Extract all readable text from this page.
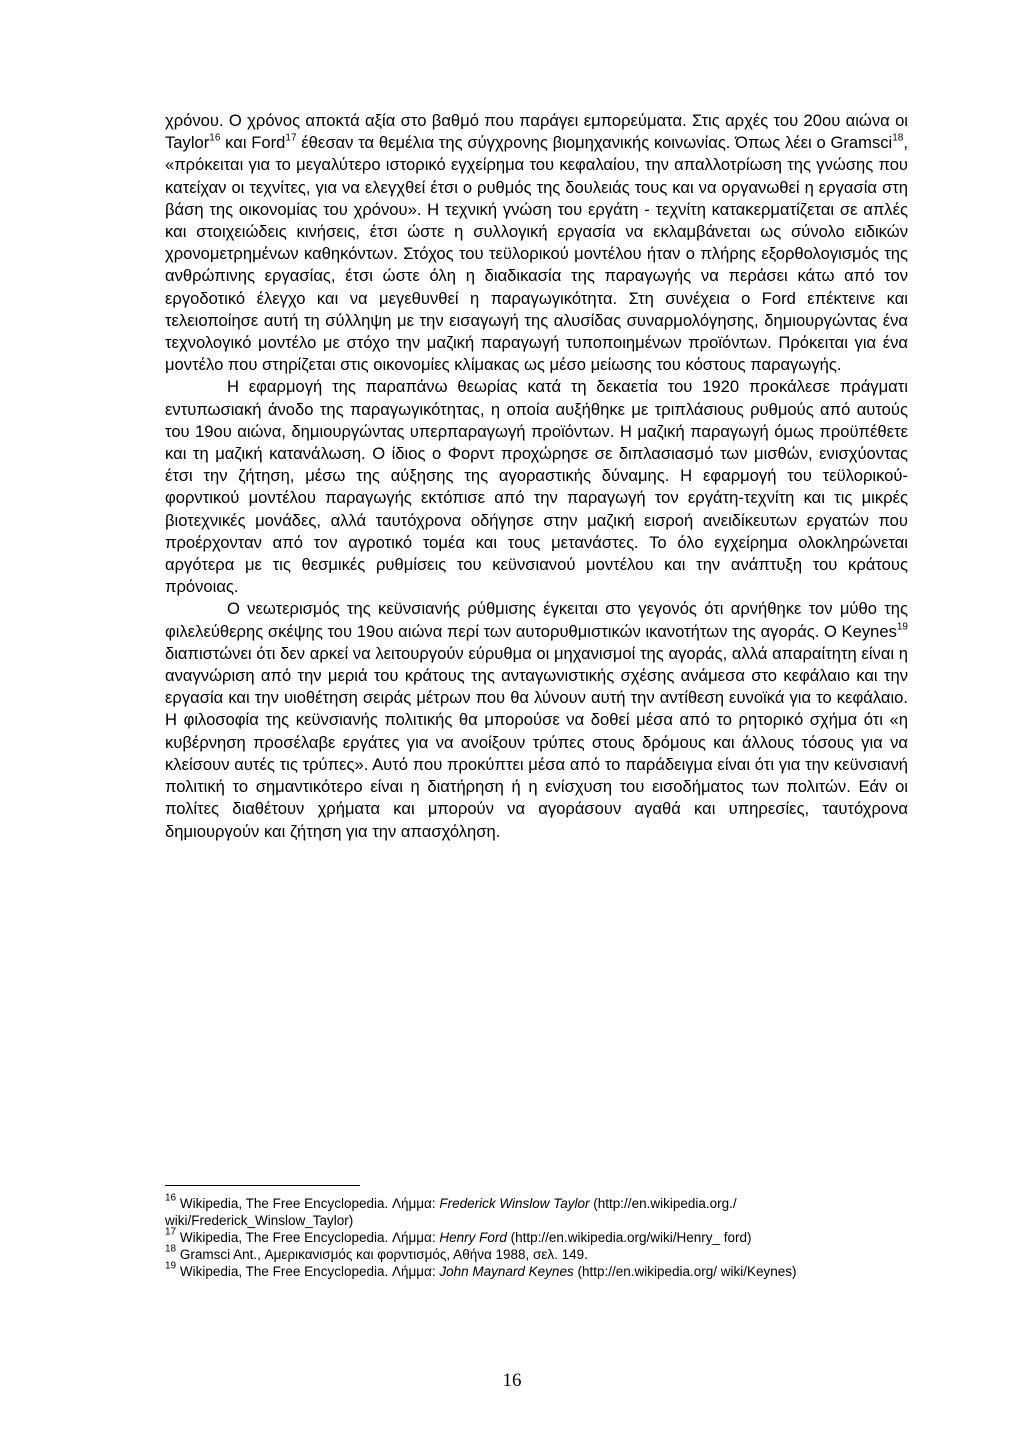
χρόνου. Ο χρόνος αποκτά αξία στο βαθμό που παράγει εμπορεύματα. Στις αρχές του 20ου αιώνα οι Taylor$^{16}$ και Ford$^{17}$ έθεσαν τα θεμέλια της σύγχρονης βιομηχανικής κοινωνίας. Όπως λέει ο Gramsci$^{18}$, «πρόκειται για το μεγαλύτερο ιστορικό εγχείρημα του κεφαλαίου, την απαλλοτρίωση της γνώσης που κατείχαν οι τεχνίτες, για να ελεγχθεί έτσι ο ρυθμός της δουλειάς τους και να οργανωθεί η εργασία στη βάση της οικονομίας του χρόνου». Η τεχνική γνώση του εργάτη - τεχνίτη κατακερματίζεται σε απλές και στοιχειώδεις κινήσεις, έτσι ώστε η συλλογική εργασία να εκλαμβάνεται ως σύνολο ειδικών χρονομετρημένων καθηκόντων. Στόχος του τεϋλορικού μοντέλου ήταν ο πλήρης εξορθολογισμός της ανθρώπινης εργασίας, έτσι ώστε όλη η διαδικασία της παραγωγής να περάσει κάτω από τον εργοδοτικό έλεγχο και να μεγεθυνθεί η παραγωγικότητα. Στη συνέχεια ο Ford επέκτεινε και τελειοποίησε αυτή τη σύλληψη με την εισαγωγή της αλυσίδας συναρμολόγησης, δημιουργώντας ένα τεχνολογικό μοντέλο με στόχο την μαζική παραγωγή τυποποιημένων προϊόντων. Πρόκειται για ένα μοντέλο που στηρίζεται στις οικονομίες κλίμακας ως μέσο μείωσης του κόστους παραγωγής.

Η εφαρμογή της παραπάνω θεωρίας κατά τη δεκαετία του 1920 προκάλεσε πράγματι εντυπωσιακή άνοδο της παραγωγικότητας, η οποία αυξήθηκε με τριπλάσιους ρυθμούς από αυτούς του 19ου αιώνα, δημιουργώντας υπερπαραγωγή προϊόντων. Η μαζική παραγωγή όμως προϋπέθετε και τη μαζική κατανάλωση. Ο ίδιος ο Φορντ προχώρησε σε διπλασιασμό των μισθών, ενισχύοντας έτσι την ζήτηση, μέσω της αύξησης της αγοραστικής δύναμης. Η εφαρμογή του τεϋλορικού-φορντικού μοντέλου παραγωγής εκτόπισε από την παραγωγή τον εργάτη-τεχνίτη και τις μικρές βιοτεχνικές μονάδες, αλλά ταυτόχρονα οδήγησε στην μαζική εισροή ανειδίκευτων εργατών που προέρχονταν από τον αγροτικό τομέα και τους μετανάστες. Το όλο εγχείρημα ολοκληρώνεται αργότερα με τις θεσμικές ρυθμίσεις του κεϋνσιανού μοντέλου και την ανάπτυξη του κράτους πρόνοιας.

Ο νεωτερισμός της κεϋνσιανής ρύθμισης έγκειται στο γεγονός ότι αρνήθηκε τον μύθο της φιλελεύθερης σκέψης του 19ου αιώνα περί των αυτορυθμιστικών ικανοτήτων της αγοράς. Ο Keynes$^{19}$ διαπιστώνει ότι δεν αρκεί να λειτουργούν εύρυθμα οι μηχανισμοί της αγοράς, αλλά απαραίτητη είναι η αναγνώριση από την μεριά του κράτους της ανταγωνιστικής σχέσης ανάμεσα στο κεφάλαιο και την εργασία και την υιοθέτηση σειράς μέτρων που θα λύνουν αυτή την αντίθεση ευνοϊκά για το κεφάλαιο. Η φιλοσοφία της κεϋνσιανής πολιτικής θα μπορούσε να δοθεί μέσα από το ρητορικό σχήμα ότι «η κυβέρνηση προσέλαβε εργάτες για να ανοίξουν τρύπες στους δρόμους και άλλους τόσους για να κλείσουν αυτές τις τρύπες». Αυτό που προκύπτει μέσα από το παράδειγμα είναι ότι για την κεϋνσιανή πολιτική το σημαντικότερο είναι η διατήρηση ή η ενίσχυση του εισοδήματος των πολιτών. Εάν οι πολίτες διαθέτουν χρήματα και μπορούν να αγοράσουν αγαθά και υπηρεσίες, ταυτόχρονα δημιουργούν και ζήτηση για την απασχόληση.

$^{16}$ Wikipedia, The Free Encyclopedia. Λήμμα: Frederick Winslow Taylor (http://en.wikipedia.org./ wiki/Frederick_Winslow_Taylor)

$^{17}$ Wikipedia, The Free Encyclopedia. Λήμμα: Henry Ford (http://en.wikipedia.org/wiki/Henry_ ford)

$^{18}$ Gramsci Ant., Αμερικανισμός και φορντισμός, Αθήνα 1988, σελ. 149.

$^{19}$ Wikipedia, The Free Encyclopedia. Λήμμα: John Maynard Keynes (http://en.wikipedia.org/ wiki/Keynes)

16
